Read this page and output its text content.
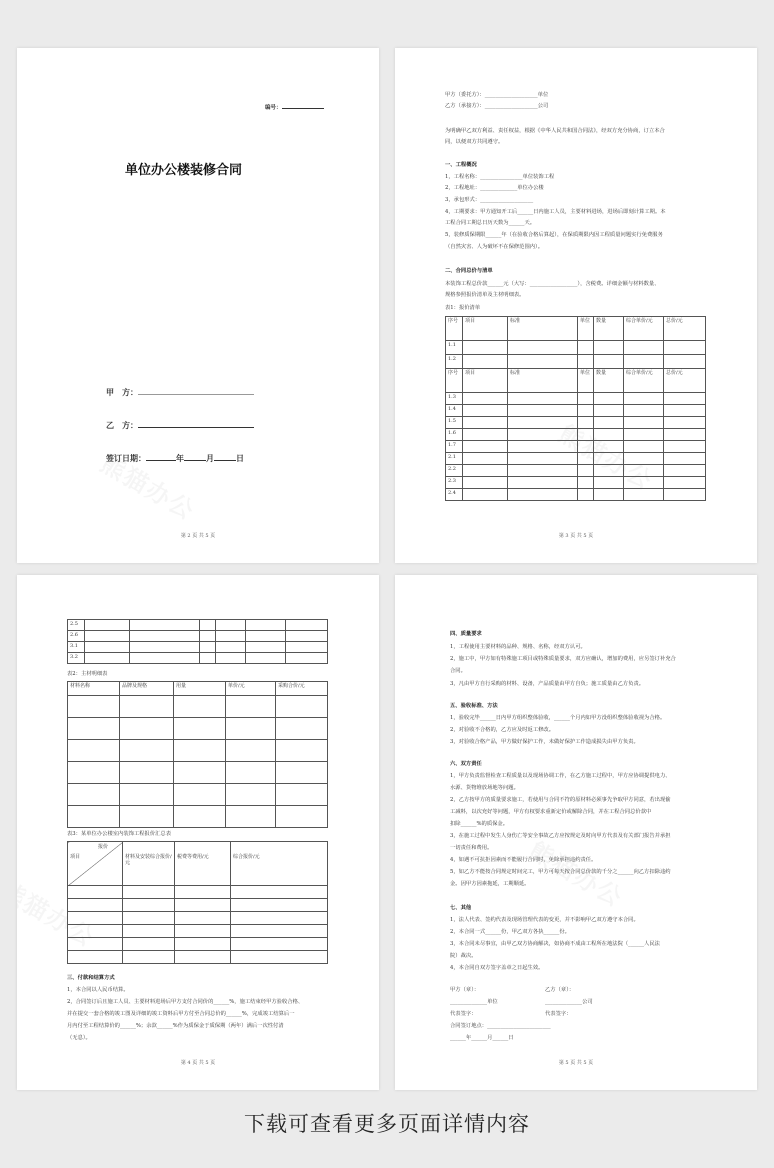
编号：
单位办公楼装修合同
甲　方：
乙　方：
签订日期：	年	月	日
第 2 页 共 5 页
甲方（委托方）：____________________单位
乙方（承接方）：____________________公司
为明确甲乙双方利益、责任权益，根据《中华人民共和国合同法》，经双方充分协商，订立本合
同，以便双方共同遵守。
一、工程概况
1，工程名称：________________单位装饰工程
2，工程地址：______________单位办公楼
3，承包形式：____________________
4，工期要求：甲方通知开工后______日内施工人员，主要材料进场，进场后即刻计算工期。本
工程合同工期总日历天数为______天。
5，装修质保期限______年（在验收合格后算起），在保质期限内因工程质量问题实行免费服务
（自然灾害、人为破坏不在保修范围内）。
二、合同总价与清单
本装饰工程总价款______元（大写：__________________），含税费。详细金额与材料数量、
规格参照报价清单及主材明细表。
表1：报价清单
序号	项目	标准	单位	数量	综合单价/元	总价/元
1.1						
1.2						
序号	项目	标准	单位	数量	综合单价/元	总价/元
1.3						
1.4						
1.5						
1.6						
1.7						
2.1						
2.2						
2.3						
2.4						
第 3 页 共 5 页
2.5						
2.6						
3.1						
3.2						
表2：主材明细表
材料名称	品牌及规格	用量	单价/元	采购合价/元

表3：某单位办公楼室内装饰工程报价汇总表
报价
项目	材料及安装综合报价/元	税费等费用/元	综合报价/元

三、付款和结算方式
1，本合同以人民币结算。
2，合同签订后且施工人员、主要材料进场后甲方支付合同价的______%，施工结束经甲方验收合格、
并在提交一套合格的竣工图及详细的竣工资料后甲方付至合同总价的______%，完成竣工结算后一
月内付至工程结算价的______%；余款______%作为质保金于质保期（两年）满后一次性付清
（无息）。
第 4 页 共 5 页
四、质量要求
1，工程使用主要材料的品种、规格、名称，经双方认可。
2，施工中，甲方如有特殊施工项目或特殊质量要求，双方应确认，增加的费用，应另签订补充合
合同。
3，凡由甲方自行采购的材料、设备，产品质量由甲方自负；施工质量由乙方负责。
五、验收标准、方法
1，验收完毕______日内甲方组织整体验收，______个月内如甲方没组织整体验收视为合格。
2，对验收不合格的，乙方应及时返工修改。
3，对验收合格产品，甲方做好保护工作，未做好保护工作造成损失由甲方负责。
六、双方责任
1，甲方负责监督检查工程质量以及现场协调工作，在乙方施工过程中，甲方应协调提供电力、
水源、货物堆放场地等问题。
2，乙方按甲方的质量要求施工，若使用与合同不符的原材料必须事先争取甲方同意，若出现偷
工减料，以次充好等问题，甲方有权要求重新定价或解除合同，并在工程合同总价款中
扣除______%的质保金。
3，在施工过程中发生人身伤亡等安全事故乙方应按规定及时向甲方代表及有关部门报告并承担
一切责任和费用。
4，如遇不可抗拒因素而不能履行合同时，免除承担违约责任。
5，如乙方不能按合同规定时间完工，甲方可每天按合同总价款的千分之______向乙方扣除违约
金。因甲方因素拖延，工期顺延。
七、其他
1，法人代表、签约代表及现场管理代表的变更，并不影响甲乙双方遵守本合同。
2，本合同一式______份，甲乙双方各执______份。
3，本合同未尽事宜，由甲乙双方协商解决，如协商不成由工程所在地法院（______人民法
院）裁决。
4，本合同自双方签字盖章之日起生效。
甲方（章）：	乙方（章）：
______________单位	______________公司
代表签字：	代表签字：
合同签订地点：________________________
______年______月______日
第 5 页 共 5 页
下载可查看更多页面详情内容
